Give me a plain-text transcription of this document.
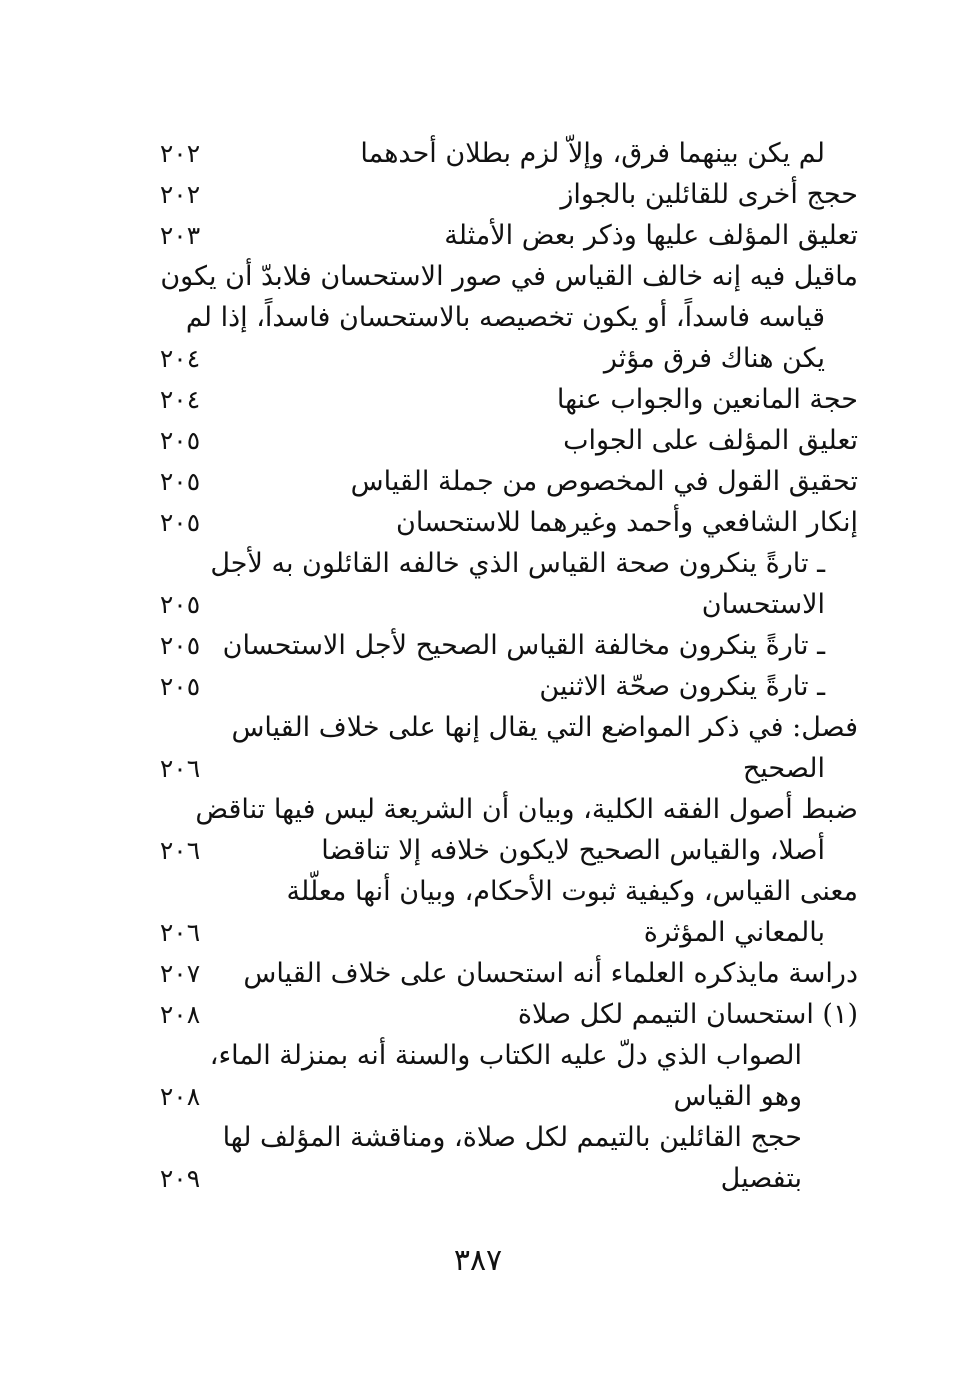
لم يكن بينهما فرق، وإلاّ لزم بطلان أحدهما
٢٠٢
حجج أخرى للقائلين بالجواز
٢٠٢
تعليق المؤلف عليها وذكر بعض الأمثلة
٢٠٣
ماقيل فيه إنه خالف القياس في صور الاستحسان فلابدّ أن يكون
قياسه فاسداً، أو يكون تخصيصه بالاستحسان فاسداً، إذا لم
يكن هناك فرق مؤثر
٢٠٤
حجة المانعين والجواب عنها
٢٠٤
تعليق المؤلف على الجواب
٢٠٥
تحقيق القول في المخصوص من جملة القياس
٢٠٥
إنكار الشافعي وأحمد وغيرهما للاستحسان
٢٠٥
ـ تارةً ينكرون صحة القياس الذي خالفه القائلون به لأجل
الاستحسان
٢٠٥
ـ تارةً ينكرون مخالفة القياس الصحيح لأجل الاستحسان
٢٠٥
ـ تارةً ينكرون صحّة الاثنين
٢٠٥
فصل: في ذكر المواضع التي يقال إنها على خلاف القياس
الصحيح
٢٠٦
ضبط أصول الفقه الكلية، وبيان أن الشريعة ليس فيها تناقض
أصلا، والقياس الصحيح لايكون خلافه إلا تناقضا
٢٠٦
معنى القياس، وكيفية ثبوت الأحكام، وبيان أنها معلّلة
بالمعاني المؤثرة
٢٠٦
دراسة مايذكره العلماء أنه استحسان على خلاف القياس
٢٠٧
(١) استحسان التيمم لكل صلاة
٢٠٨
الصواب الذي دلّ عليه الكتاب والسنة أنه بمنزلة الماء،
وهو القياس
٢٠٨
حجج القائلين بالتيمم لكل صلاة، ومناقشة المؤلف لها
بتفصيل
٢٠٩
٣٨٧
